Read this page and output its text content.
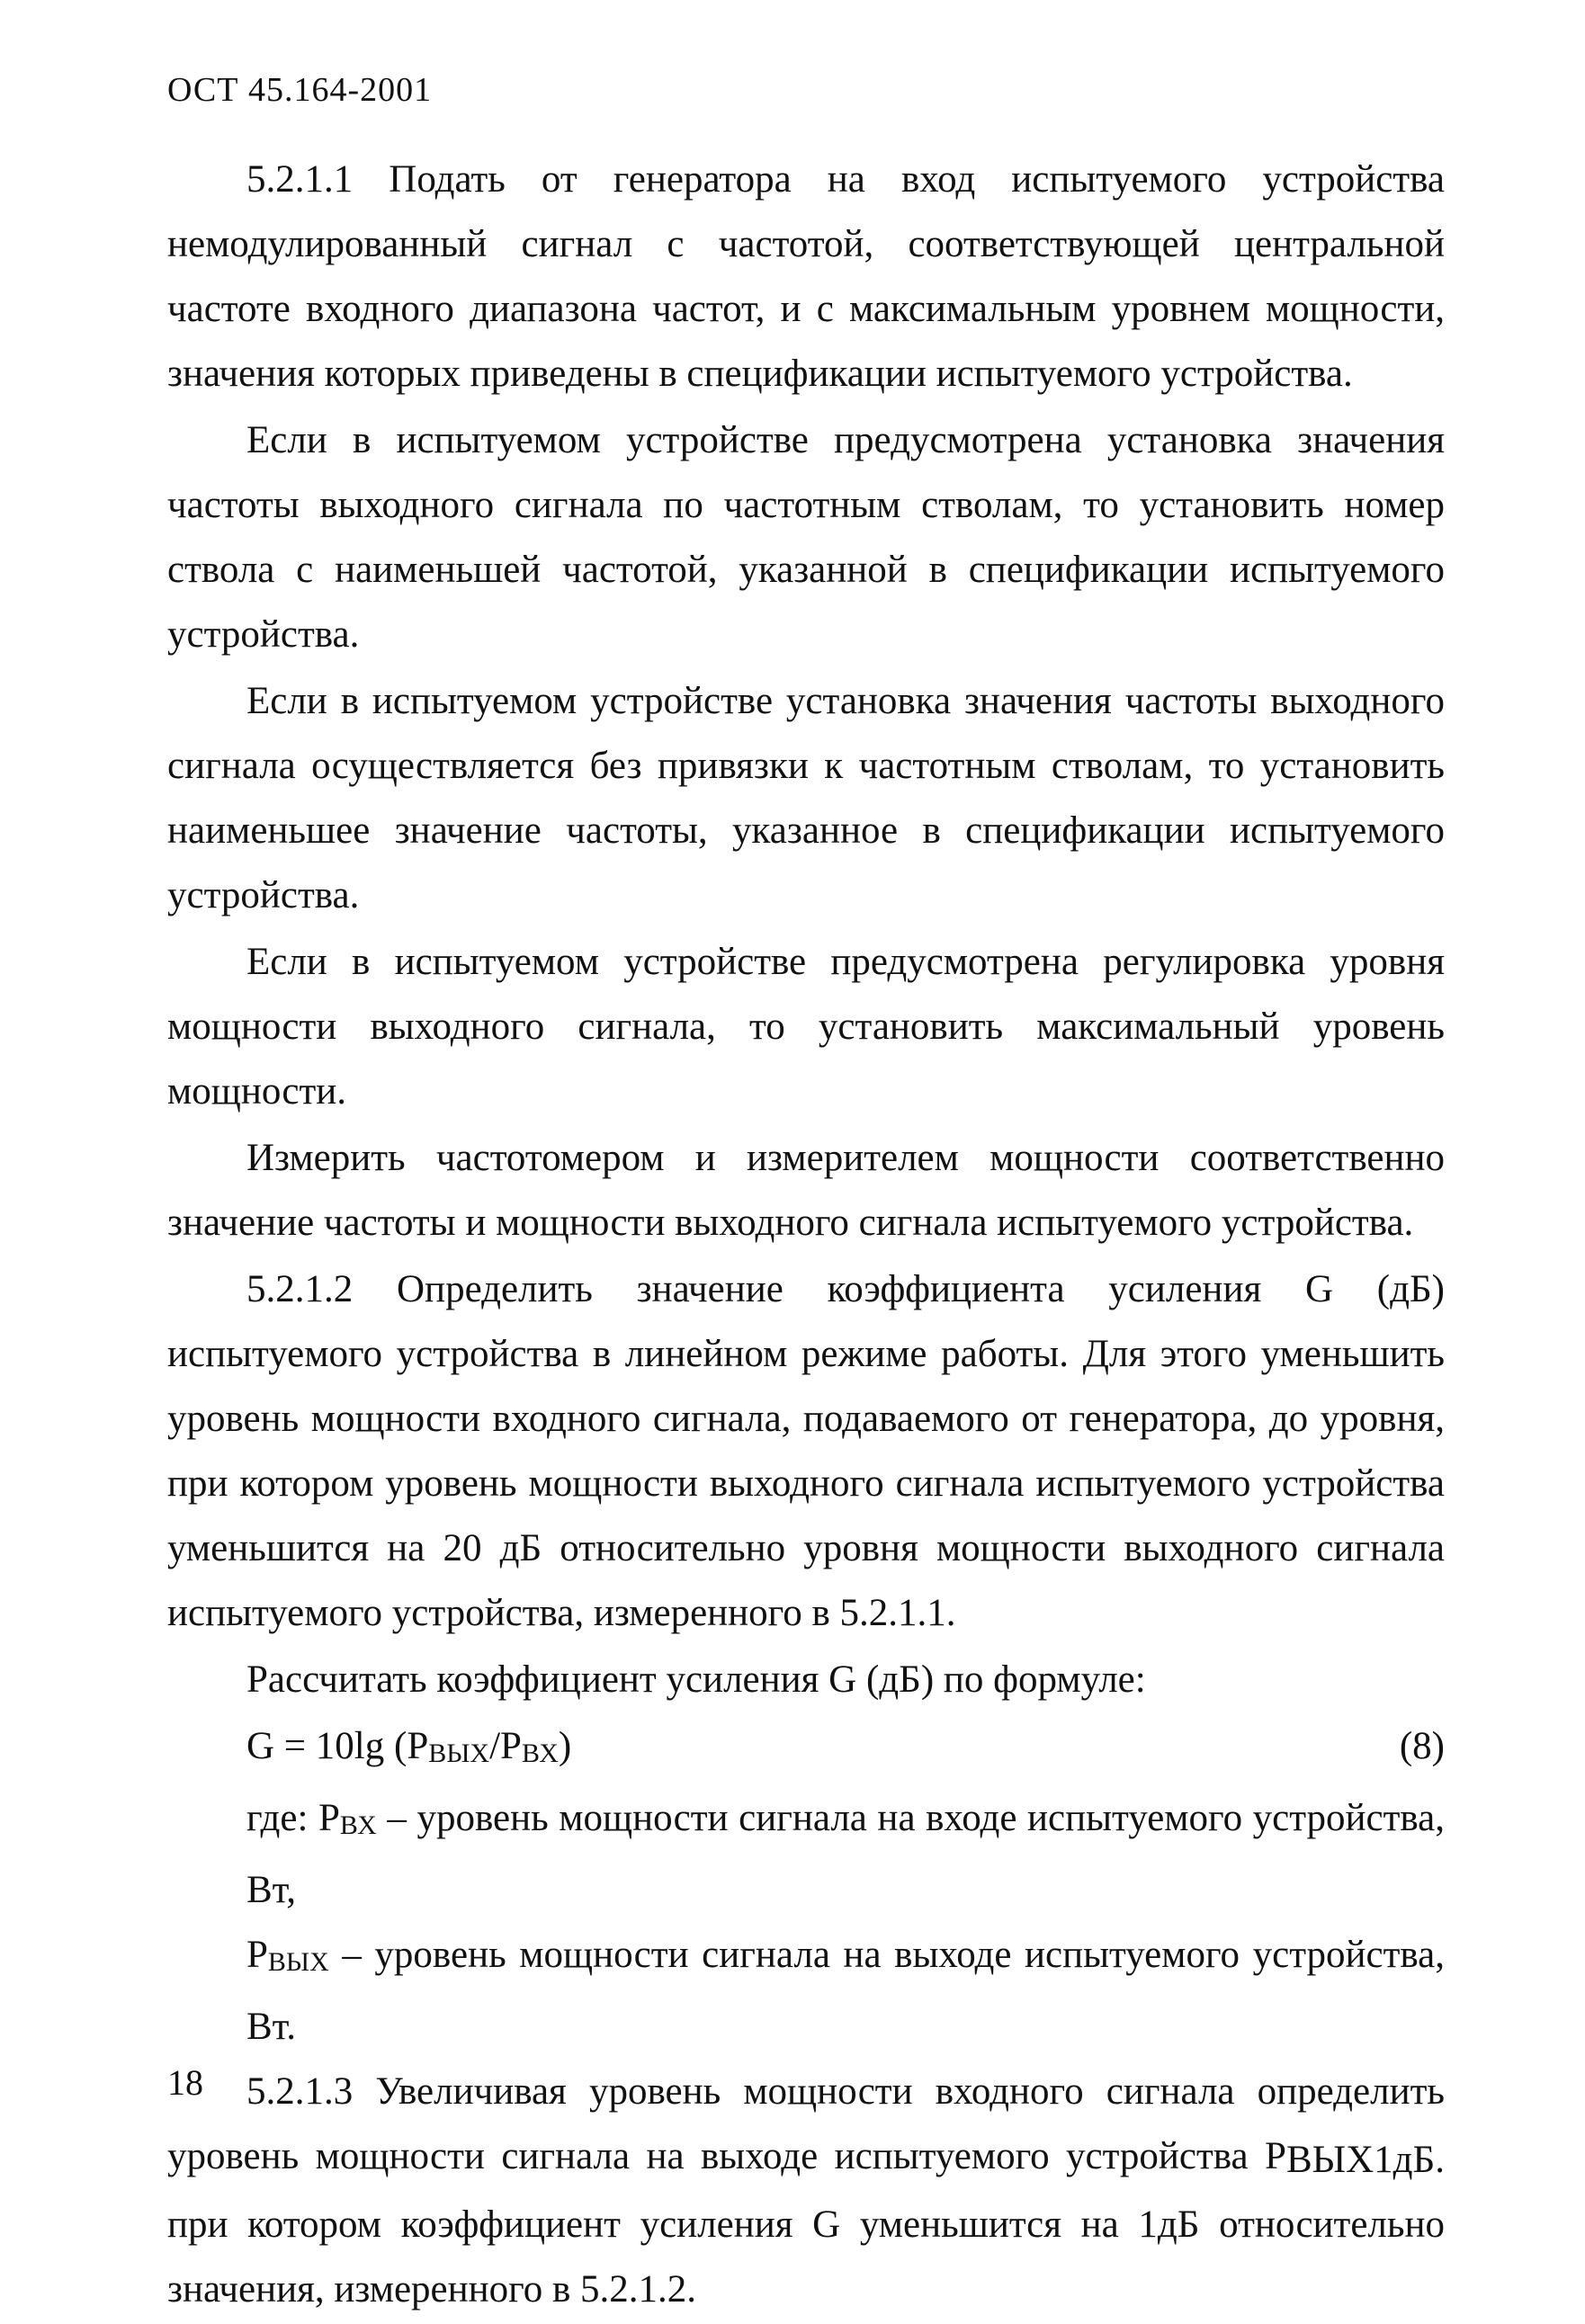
ОСТ 45.164-2001

5.2.1.1 Подать от генератора на вход испытуемого устройства немодулированный сигнал с частотой, соответствующей центральной частоте входного диапазона частот, и с максимальным уровнем мощности, значения которых приведены в спецификации испытуемого устройства.

Если в испытуемом устройстве предусмотрена установка значения частоты выходного сигнала по частотным стволам, то установить номер ствола с наименьшей частотой, указанной в спецификации испытуемого устройства.

Если в испытуемом устройстве установка значения частоты выходного сигнала осуществляется без привязки к частотным стволам, то установить наименьшее значение частоты, указанное в спецификации испытуемого устройства.

Если в испытуемом устройстве предусмотрена регулировка уровня мощности выходного сигнала, то установить максимальный уровень мощности.

Измерить частотомером и измерителем мощности соответственно значение частоты и мощности выходного сигнала испытуемого устройства.

5.2.1.2 Определить значение коэффициента усиления G (дБ) испытуемого устройства в линейном режиме работы. Для этого уменьшить уровень мощности входного сигнала, подаваемого от генератора, до уровня, при котором уровень мощности выходного сигнала испытуемого устройства уменьшится на 20 дБ относительно уровня мощности выходного сигнала испытуемого устройства, измеренного в 5.2.1.1.

Рассчитать коэффициент усиления G (дБ) по формуле:

G = 10lg (PВЫХ/PВХ)	(8)
где: PВХ – уровень мощности сигнала на входе испытуемого устройства, Вт,
PВЫХ – уровень мощности сигнала на выходе испытуемого устройства, Вт.

5.2.1.3 Увеличивая уровень мощности входного сигнала определить уровень мощности сигнала на выходе испытуемого устройства PВЫХ1дБ. при котором коэффициент усиления G уменьшится на 1дБ относительно значения, измеренного в 5.2.1.2.

18
